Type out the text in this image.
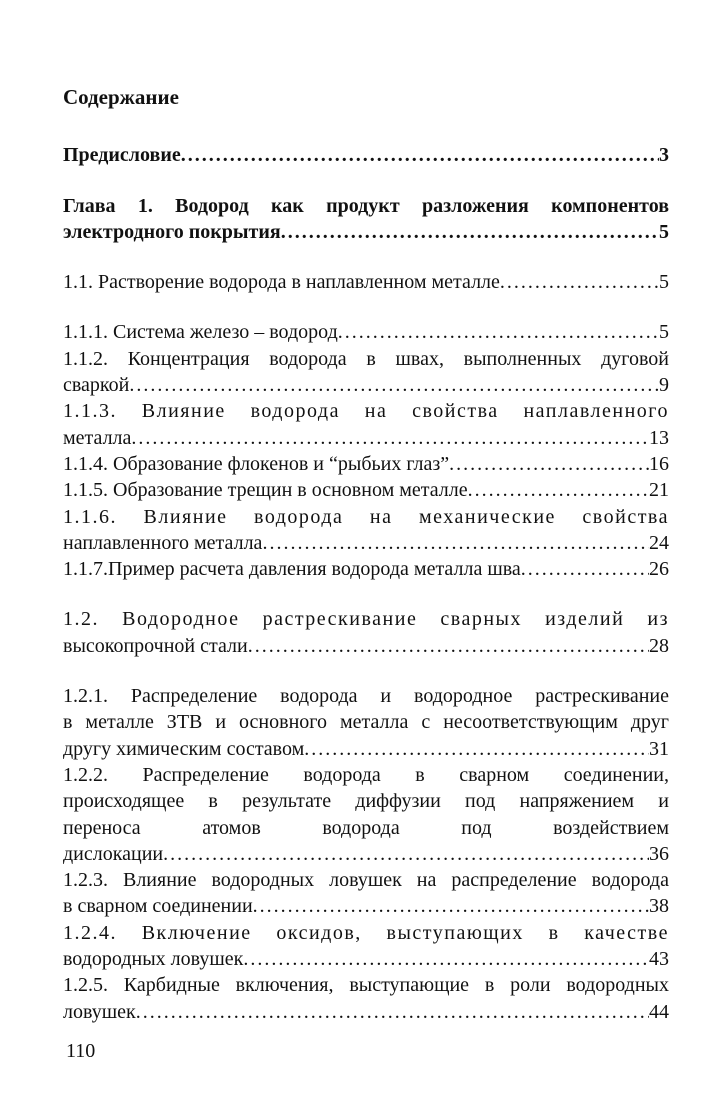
Содержание
Предисловие .....	3
Глава 1. Водород как продукт разложения компонентов
электродного покрытия .....	5
1.1. Растворение водорода в наплавленном металле .....	5
1.1.1. Система железо – водород .....	5
1.1.2. Концентрация водорода в швах, выполненных дуговой
сваркой .....	9
1.1.3. Влияние водорода на свойства наплавленного
металла .....	13
1.1.4. Образование флокенов и “рыбьих глаз” .....	16
1.1.5. Образование трещин в основном металле .....	21
1.1.6. Влияние водорода на механические свойства
наплавленного металла .....	24
1.1.7.Пример расчета давления водорода металла шва .....	26
1.2. Водородное растрескивание сварных изделий из
высокопрочной стали .....	28
1.2.1. Распределение водорода и водородное растрескивание
в металле ЗТВ и основного металла с несоответствующим друг
другу химическим составом .....	31
1.2.2. Распределение водорода в сварном соединении,
происходящее в результате диффузии под напряжением и
переноса атомов водорода под воздействием
дислокации .....	36
1.2.3. Влияние водородных ловушек на распределение водорода
в сварном соединении .....	38
1.2.4. Включение оксидов, выступающих в качестве
водородных ловушек .....	43
1.2.5. Карбидные включения, выступающие в роли водородных
ловушек .....	44
110
